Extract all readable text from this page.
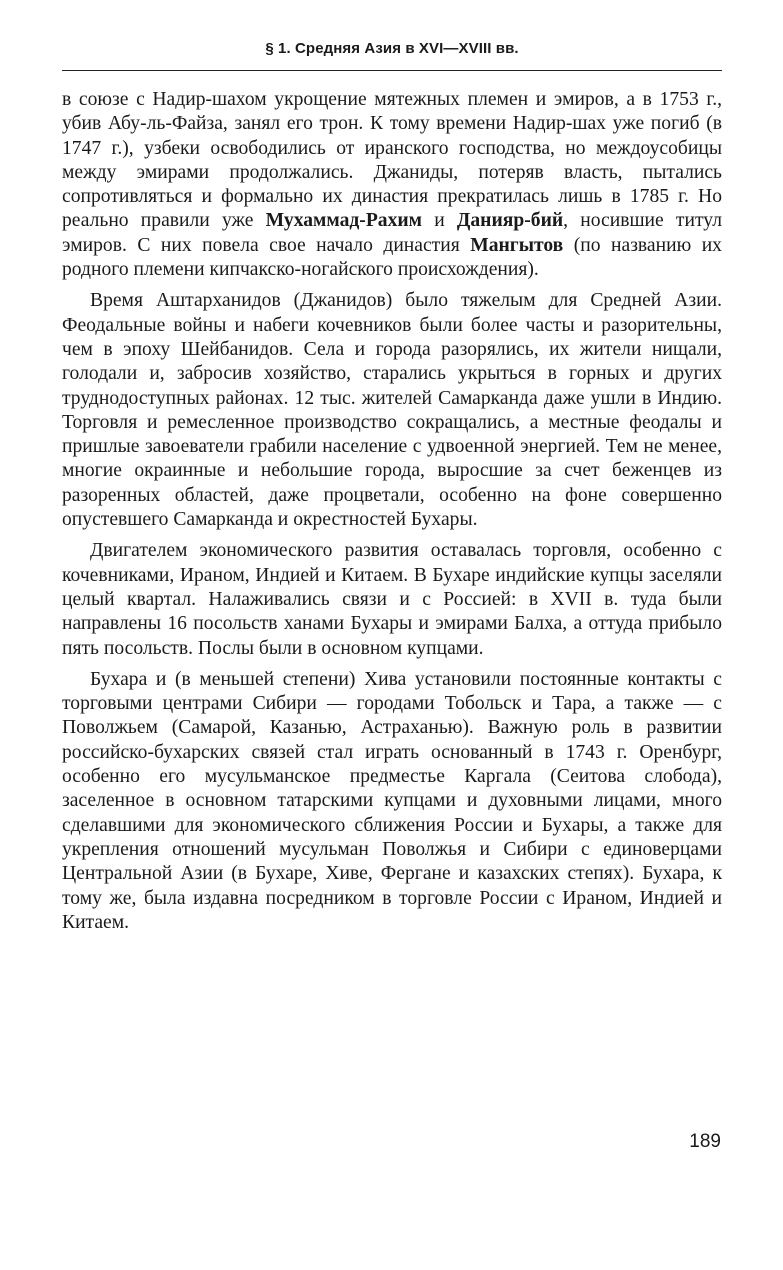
§ 1. Средняя Азия в XVI—XVIII вв.

в союзе с Надир-шахом укрощение мятежных племен и эмиров, а в 1753 г., убив Абу-ль-Файза, занял его трон. К тому времени Надир-шах уже погиб (в 1747 г.), узбеки освободились от иранского господства, но междоусобицы между эмирами продолжались. Джаниды, потеряв власть, пытались сопротивляться и формально их династия прекратилась лишь в 1785 г. Но реально правили уже Мухаммад-Рахим и Данияр-бий, носившие титул эмиров. С них повела свое начало династия Мангытов (по названию их родного племени кипчакско-ногайского происхождения).

Время Аштарханидов (Джанидов) было тяжелым для Средней Азии. Феодальные войны и набеги кочевников были более часты и разорительны, чем в эпоху Шейбанидов. Села и города разорялись, их жители нищали, голодали и, забросив хозяйство, старались укрыться в горных и других труднодоступных районах. 12 тыс. жителей Самарканда даже ушли в Индию. Торговля и ремесленное производство сокращались, а местные феодалы и пришлые завоеватели грабили население с удвоенной энергией. Тем не менее, многие окраинные и небольшие города, выросшие за счет беженцев из разоренных областей, даже процветали, особенно на фоне совершенно опустевшего Самарканда и окрестностей Бухары.

Двигателем экономического развития оставалась торговля, особенно с кочевниками, Ираном, Индией и Китаем. В Бухаре индийские купцы заселяли целый квартал. Налаживались связи и с Россией: в XVII в. туда были направлены 16 посольств ханами Бухары и эмирами Балха, а оттуда прибыло пять посольств. Послы были в основном купцами.

Бухара и (в меньшей степени) Хива установили постоянные контакты с торговыми центрами Сибири — городами Тобольск и Тара, а также — с Поволжьем (Самарой, Казанью, Астраханью). Важную роль в развитии российско-бухарских связей стал играть основанный в 1743 г. Оренбург, особенно его мусульманское предместье Каргала (Сеитова слобода), заселенное в основном татарскими купцами и духовными лицами, много сделавшими для экономического сближения России и Бухары, а также для укрепления отношений мусульман Поволжья и Сибири с единоверцами Центральной Азии (в Бухаре, Хиве, Фергане и казахских степях). Бухара, к тому же, была издавна посредником в торговле России с Ираном, Индией и Китаем.

189
